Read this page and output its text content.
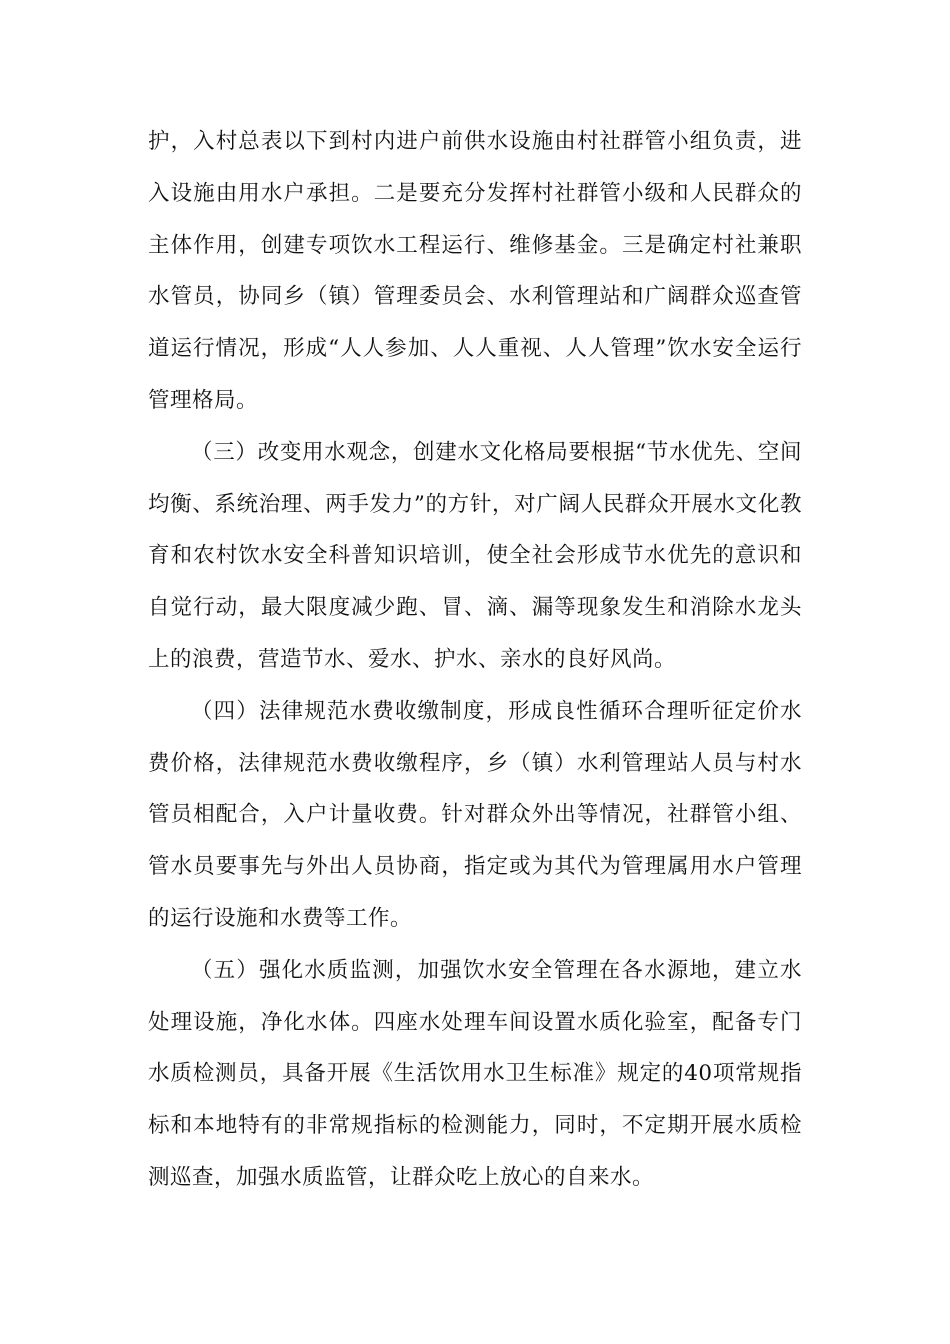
护，入村总表以下到村内进户前供水设施由村社群管小组负责，进入设施由用水户承担。二是要充分发挥村社群管小级和人民群众的主体作用，创建专项饮水工程运行、维修基金。三是确定村社兼职水管员，协同乡（镇）管理委员会、水利管理站和广阔群众巡查管道运行情况，形成“人人参加、人人重视、人人管理”饮水安全运行管理格局。

（三）改变用水观念，创建水文化格局要根据“节水优先、空间均衡、系统治理、两手发力”的方针，对广阔人民群众开展水文化教育和农村饮水安全科普知识培训，使全社会形成节水优先的意识和自觉行动，最大限度减少跑、冒、滴、漏等现象发生和消除水龙头上的浪费，营造节水、爱水、护水、亲水的良好风尚。

（四）法律规范水费收缴制度，形成良性循环合理听征定价水费价格，法律规范水费收缴程序，乡（镇）水利管理站人员与村水管员相配合，入户计量收费。针对群众外出等情况，社群管小组、管水员要事先与外出人员协商，指定或为其代为管理属用水户管理的运行设施和水费等工作。

（五）强化水质监测，加强饮水安全管理在各水源地，建立水处理设施，净化水体。四座水处理车间设置水质化验室，配备专门水质检测员，具备开展《生活饮用水卫生标准》规定的40项常规指标和本地特有的非常规指标的检测能力，同时，不定期开展水质检测巡查，加强水质监管，让群众吃上放心的自来水。
